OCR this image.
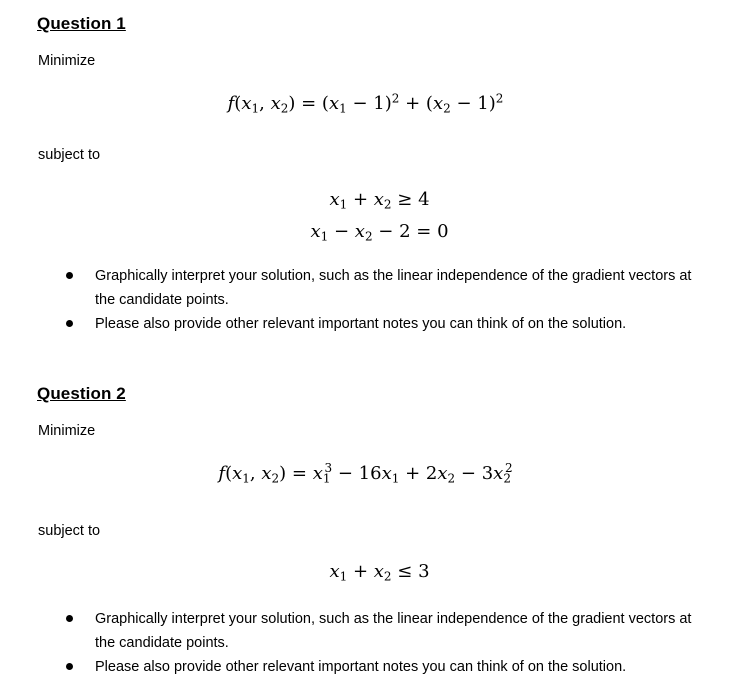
Question 1
Minimize
$f(x_1$, $x_2) = (x_1 - 1)^2 + (x_2 - 1)^2$
subject to
$x_1 + x_2 \ge 4$
$x_1 - x_2 - 2 = 0$
Graphically interpret your solution, such as the linear independence of the gradient vectors at the candidate points.
Please also provide other relevant important notes you can think of on the solution.
Question 2
Minimize
$f(x_1$, $x_2) = x_1^3 - 16x_1 + 2x_2 - 3x_2^2$
subject to
$x_1 + x_2 \le 3$
Graphically interpret your solution, such as the linear independence of the gradient vectors at the candidate points.
Please also provide other relevant important notes you can think of on the solution.
